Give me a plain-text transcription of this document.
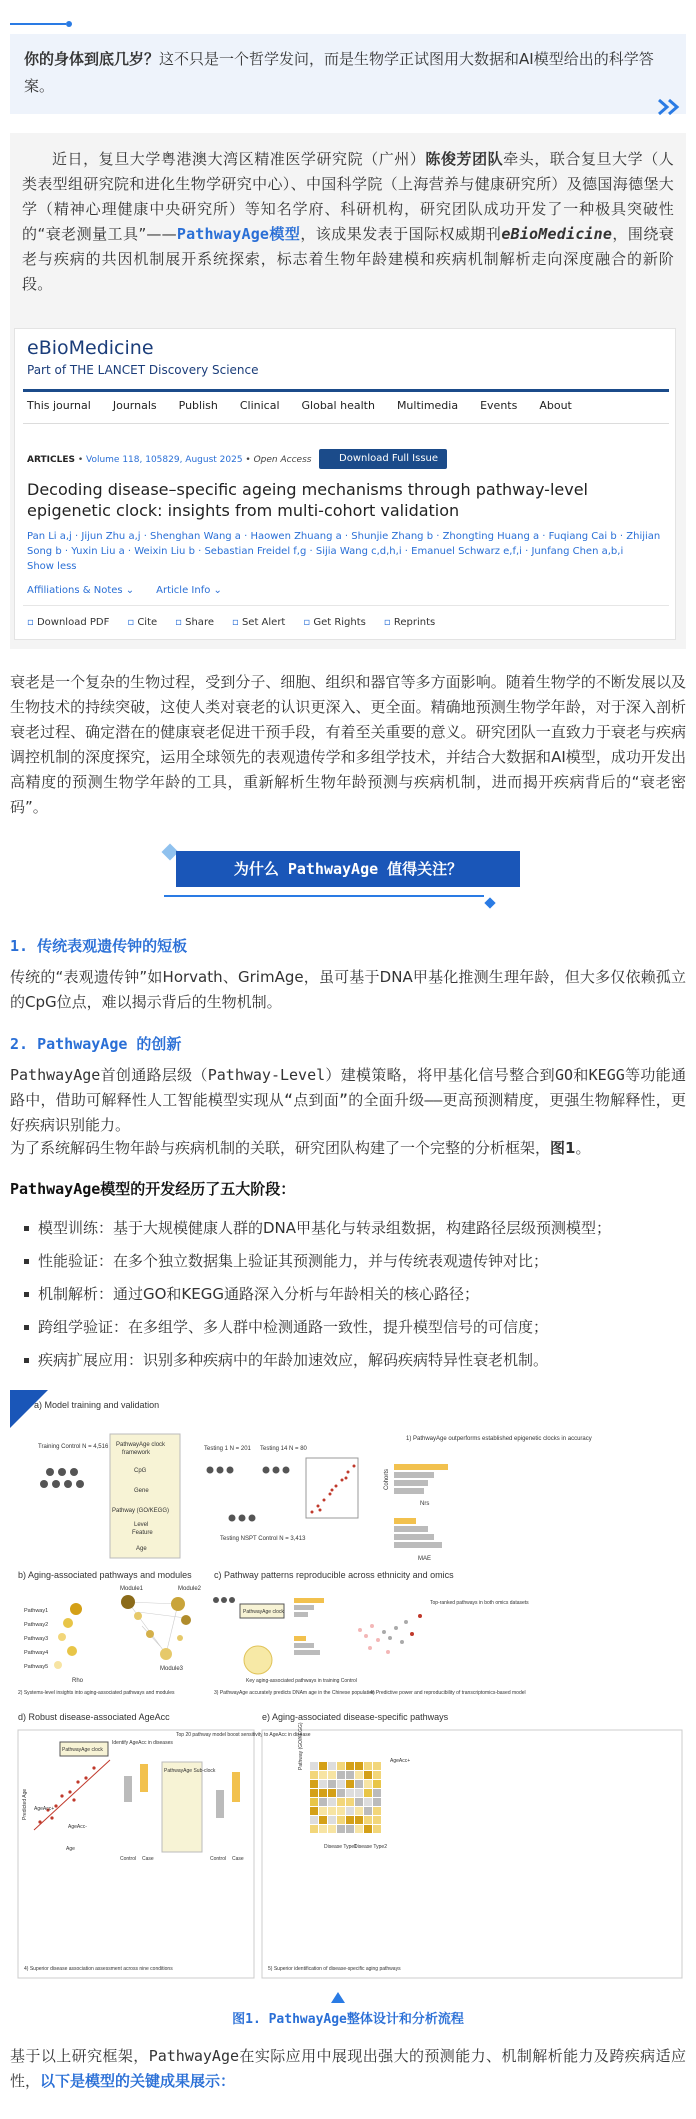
你的身体到底几岁？这不只是一个哲学发问，而是生物学正试图用大数据和AI模型给出的科学答案。

近日，复旦大学粤港澳大湾区精准医学研究院（广州）陈俊芳团队牵头，联合复旦大学（人类表型组研究院和进化生物学研究中心）、中国科学院（上海营养与健康研究所）及德国海德堡大学（精神心理健康中央研究所）等知名学府、科研机构，研究团队成功开发了一种极具突破性的“衰老测量工具”——PathwayAge模型，该成果发表于国际权威期刊eBioMedicine，围绕衰老与疾病的共因机制展开系统探索，标志着生物年龄建模和疾病机制解析走向深度融合的新阶段。

eBioMedicine
Part of THE LANCET Discovery Science
This journal Journals Publish Clinical Global health Multimedia Events About
ARTICLES • Volume 118, 105829, August 2025 • Open Access	Download Full Issue
Decoding disease–specific ageing mechanisms through pathway-level epigenetic clock: insights from multi-cohort validation
Pan Li a,j · Jijun Zhu a,j · Shenghan Wang a · Haowen Zhuang a · Shunjie Zhang b · Zhongting Huang a · Fuqiang Cai b · Zhijian Song b · Yuxin Liu a · Weixin Liu b · Sebastian Freidel f,g · Sijia Wang c,d,h,i · Emanuel Schwarz e,f,i · Junfang Chen a,b,i
Show less
Affiliations & Notes ⌄ Article Info ⌄
▫ Download PDF	▫ Cite	▫ Share	▫ Set Alert	▫ Get Rights	▫ Reprints

衰老是一个复杂的生物过程，受到分子、细胞、组织和器官等多方面影响。随着生物学的不断发展以及生物技术的持续突破，这使人类对衰老的认识更深入、更全面。精确地预测生物学年龄，对于深入剖析衰老过程、确定潜在的健康衰老促进干预手段，有着至关重要的意义。研究团队一直致力于衰老与疾病调控机制的深度探究，运用全球领先的表观遗传学和多组学技术，并结合大数据和AI模型，成功开发出高精度的预测生物学年龄的工具，重新解析生物年龄预测与疾病机制，进而揭开疾病背后的“衰老密码”。

为什么 PathwayAge 值得关注？
1. 传统表观遗传钟的短板

传统的“表观遗传钟”如Horvath、GrimAge，虽可基于DNA甲基化推测生理年龄，但大多仅依赖孤立的CpG位点，难以揭示背后的生物机制。

2. PathwayAge 的创新

PathwayAge首创通路层级（Pathway-Level）建模策略，将甲基化信号整合到GO和KEGG等功能通路中，借助可解释性人工智能模型实现从“点到面”的全面升级——更高预测精度，更强生物解释性，更好疾病识别能力。

为了系统解码生物年龄与疾病机制的关联，研究团队构建了一个完整的分析框架，图1。

PathwayAge模型的开发经历了五大阶段：
模型训练：基于大规模健康人群的DNA甲基化与转录组数据，构建路径层级预测模型；
性能验证：在多个独立数据集上验证其预测能力，并与传统表观遗传钟对比；
机制解析：通过GO和KEGG通路深入分析与年龄相关的核心路径；
跨组学验证：在多组学、多人群中检测通路一致性，提升模型信号的可信度；
疾病扩展应用：识别多种疾病中的年龄加速效应，解码疾病特异性衰老机制。
a) Model training and validation
Training Control N = 4,516 PathwayAge clock
framework
CpG
Gene
Pathway (GO/KEGG)
Level
Feature
Age
Testing 1 N = 201 Testing 14 N = 80
Testing NSPT Control N = 3,413
1) PathwayAge outperforms established epigenetic clocks in accuracy
Cohorts
Nrs
MAE
b) Aging-associated pathways and modules
Pathway1
Pathway2
Pathway3
Pathway4
Pathway5
Rho
Module1	Module2
Module3
2) Systems-level insights into aging-associated pathways and modules
c) Pathway patterns reproducible across ethnicity and omics
PathwayAge clock
Key aging-associated pathways in training Control
3) PathwayAge accurately predicts DNAm age in the Chinese population
Top-ranked pathways in both omics datasets
4) Predictive power and reproducibility of transcriptomics-based model
d) Robust disease-associated AgeAcc
PathwayAge clock
Predicted Age AgeAcc+
AgeAcc-
Age
Identify AgeAcc in diseases
Control Case
PathwayAge Sub-clock
Top 20 pathway model boost sensitivity to AgeAcc in disease
Control Case
4) Superior disease association assessment across nine conditions
e) Aging-associated disease-specific pathways
Pathway (GO/KEGG)
Disease Type1
Disease Type2
AgeAcc+
5) Superior identification of disease-specific aging pathways
图1. PathwayAge整体设计和分析流程

基于以上研究框架，PathwayAge在实际应用中展现出强大的预测能力、机制解析能力及跨疾病适应性，以下是模型的关键成果展示：
